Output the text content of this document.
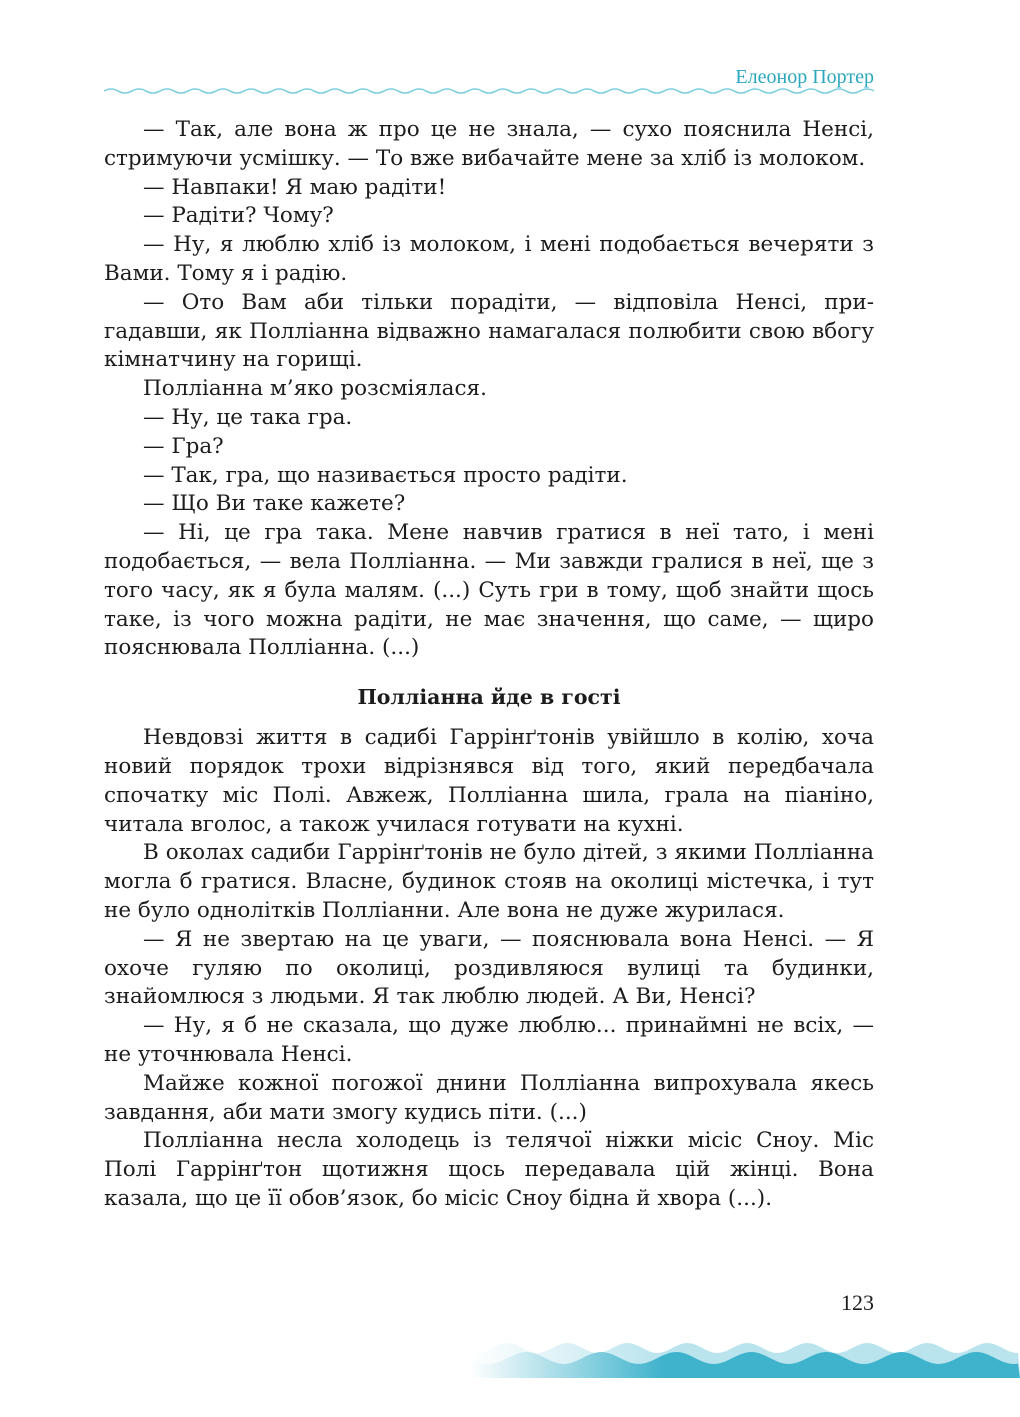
Елеонор Портер

— Так, але вона ж про це не знала, — сухо пояснила Ненсі, стримуючи усмішку. — То вже вибачайте мене за хліб із молоком.

— Навпаки! Я маю радіти!

— Радіти? Чому?

— Ну, я люблю хліб із молоком, і мені подобається вечеряти з Вами. Тому я і радію.

— Ото Вам аби тільки порадіти, — відповіла Ненсі, пригадавши, як Полліанна відважно намагалася полюбити свою вбогу кімнатчину на горищі.

Полліанна м’яко розсміялася.

— Ну, це така гра.

— Гра?

— Так, гра, що називається просто радіти.

— Що Ви таке кажете?

— Ні, це гра така. Мене навчив гратися в неї тато, і мені подобається, — вела Полліанна. — Ми завжди гралися в неї, ще з того часу, як я була малям. (...) Суть гри в тому, щоб знайти щось таке, із чого можна радіти, не має значення, що саме, — щиро пояснювала Полліанна. (...)

Полліанна йде в гості

Невдовзі життя в садибі Гаррінґтонів увійшло в колію, хоча новий порядок трохи відрізнявся від того, який передбачала спочатку міс Полі. Авжеж, Полліанна шила, грала на піаніно, читала вголос, а також училася готувати на кухні.

В околах садиби Гаррінґтонів не було дітей, з якими Полліанна могла б гратися. Власне, будинок стояв на околиці містечка, і тут не було однолітків Полліанни. Але вона не дуже журилася.

— Я не звертаю на це уваги, — пояснювала вона Ненсі. — Я охоче гуляю по околиці, роздивляюся вулиці та будинки, знайомлюся з людьми. Я так люблю людей. А Ви, Ненсі?

— Ну, я б не сказала, що дуже люблю... принаймні не всіх, — не уточнювала Ненсі.

Майже кожної погожої днини Полліанна випрохувала якесь завдання, аби мати змогу кудись піти. (...)

Полліанна несла холодець із телячої ніжки місіс Сноу. Міс Полі Гаррінґтон щотижня щось передавала цій жінці. Вона казала, що це її обов’язок, бо місіс Сноу бідна й хвора (...).

123
